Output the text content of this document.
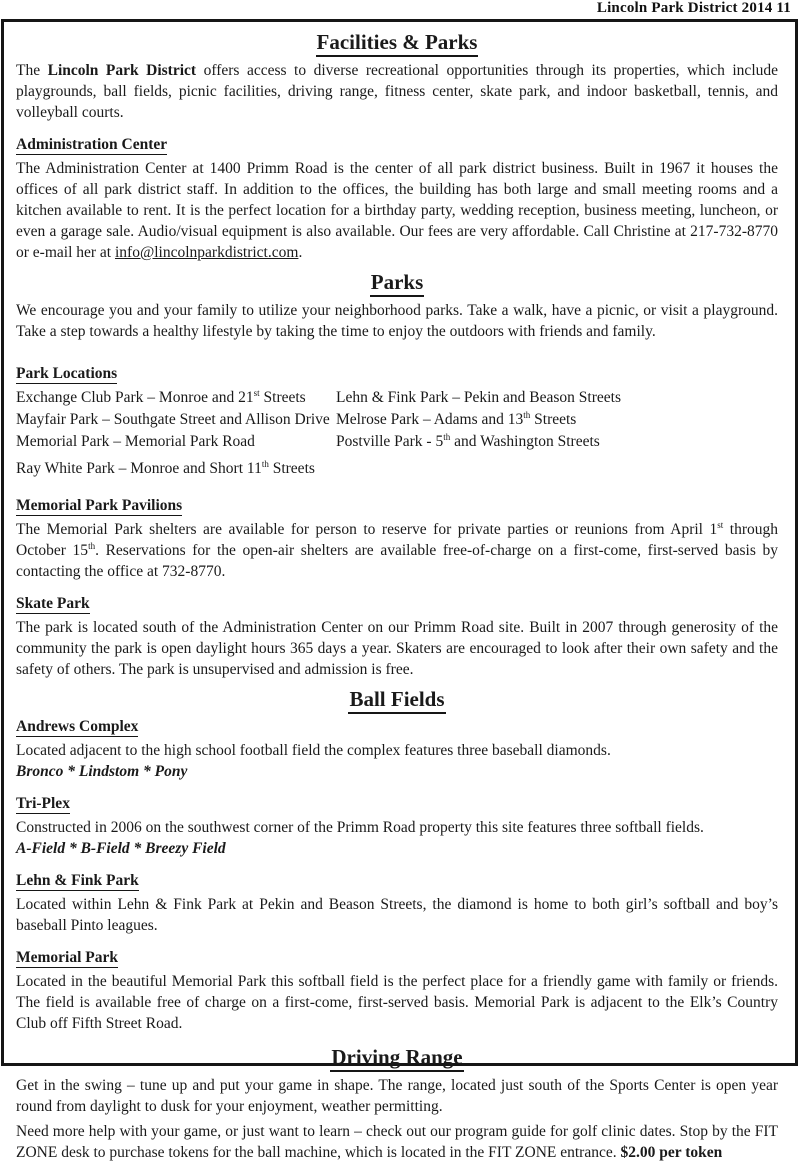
Lincoln Park District 2014 11
Facilities & Parks

The Lincoln Park District offers access to diverse recreational opportunities through its properties, which include playgrounds, ball fields, picnic facilities, driving range, fitness center, skate park, and indoor basketball, tennis, and volleyball courts.

Administration Center

The Administration Center at 1400 Primm Road is the center of all park district business. Built in 1967 it houses the offices of all park district staff. In addition to the offices, the building has both large and small meeting rooms and a kitchen available to rent. It is the perfect location for a birthday party, wedding reception, business meeting, luncheon, or even a garage sale. Audio/visual equipment is also available. Our fees are very affordable. Call Christine at 217-732-8770 or e-mail her at info@lincolnparkdistrict.com.

Parks

We encourage you and your family to utilize your neighborhood parks. Take a walk, have a picnic, or visit a playground. Take a step towards a healthy lifestyle by taking the time to enjoy the outdoors with friends and family.

Park Locations
Exchange Club Park – Monroe and 21st Streets	Lehn & Fink Park – Pekin and Beason Streets
Mayfair Park – Southgate Street and Allison Drive Melrose Park – Adams and 13th Streets
Memorial Park – Memorial Park Road	Postville Park - 5th and Washington Streets
Ray White Park – Monroe and Short 11th Streets
Memorial Park Pavilions

The Memorial Park shelters are available for person to reserve for private parties or reunions from April 1st through October 15th. Reservations for the open-air shelters are available free-of-charge on a first-come, first-served basis by contacting the office at 732-8770.

Skate Park

The park is located south of the Administration Center on our Primm Road site. Built in 2007 through generosity of the community the park is open daylight hours 365 days a year. Skaters are encouraged to look after their own safety and the safety of others. The park is unsupervised and admission is free.

Ball Fields
Andrews Complex

Located adjacent to the high school football field the complex features three baseball diamonds.

Bronco * Lindstom * Pony
Tri-Plex

Constructed in 2006 on the southwest corner of the Primm Road property this site features three softball fields.

A-Field * B-Field * Breezy Field
Lehn & Fink Park

Located within Lehn & Fink Park at Pekin and Beason Streets, the diamond is home to both girl’s softball and boy’s baseball Pinto leagues.

Memorial Park

Located in the beautiful Memorial Park this softball field is the perfect place for a friendly game with family or friends. The field is available free of charge on a first-come, first-served basis. Memorial Park is adjacent to the Elk’s Country Club off Fifth Street Road.

Driving Range

Get in the swing – tune up and put your game in shape. The range, located just south of the Sports Center is open year round from daylight to dusk for your enjoyment, weather permitting.

Need more help with your game, or just want to learn – check out our program guide for golf clinic dates. Stop by the FIT ZONE desk to purchase tokens for the ball machine, which is located in the FIT ZONE entrance. $2.00 per token
